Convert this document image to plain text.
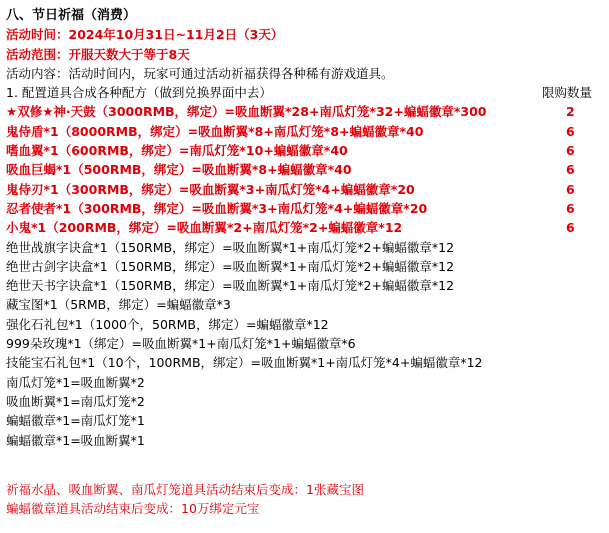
八、节日祈福（消费）
活动时间：2024年10月31日~11月2日（3天）
活动范围：开服天数大于等于8天
活动内容：活动时间内，玩家可通过活动祈福获得各种稀有游戏道具。
1. 配置道具合成各种配方（做到兑换界面中去）	限购数量
★双修★神·天鼓（3000RMB，绑定）=吸血断翼*28+南瓜灯笼*32+蝙蝠徽章*300	2
鬼侍盾*1（8000RMB，绑定）=吸血断翼*8+南瓜灯笼*8+蝙蝠徽章*40	6
嗜血翼*1（600RMB，绑定）=南瓜灯笼*10+蝙蝠徽章*40	6
吸血巨蝎*1（500RMB，绑定）=吸血断翼*8+蝙蝠徽章*40	6
鬼侍刃*1（300RMB，绑定）=吸血断翼*3+南瓜灯笼*4+蝙蝠徽章*20	6
忍者使者*1（300RMB，绑定）=吸血断翼*3+南瓜灯笼*4+蝙蝠徽章*20	6
小鬼*1（200RMB，绑定）=吸血断翼*2+南瓜灯笼*2+蝙蝠徽章*12	6
绝世战旗字诀盒*1（150RMB，绑定）=吸血断翼*1+南瓜灯笼*2+蝙蝠徽章*12
绝世古剑字诀盒*1（150RMB，绑定）=吸血断翼*1+南瓜灯笼*2+蝙蝠徽章*12
绝世天书字诀盒*1（150RMB，绑定）=吸血断翼*1+南瓜灯笼*2+蝙蝠徽章*12
藏宝图*1（5RMB，绑定）=蝙蝠徽章*3
强化石礼包*1（1000个，50RMB，绑定）=蝙蝠徽章*12
999朵玫瑰*1（绑定）=吸血断翼*1+南瓜灯笼*1+蝙蝠徽章*6
技能宝石礼包*1（10个，100RMB，绑定）=吸血断翼*1+南瓜灯笼*4+蝙蝠徽章*12
南瓜灯笼*1=吸血断翼*2
吸血断翼*1=南瓜灯笼*2
蝙蝠徽章*1=南瓜灯笼*1
蝙蝠徽章*1=吸血断翼*1
祈福水晶、吸血断翼、南瓜灯笼道具活动结束后变成：1张藏宝图
蝙蝠徽章道具活动结束后变成：10万绑定元宝
